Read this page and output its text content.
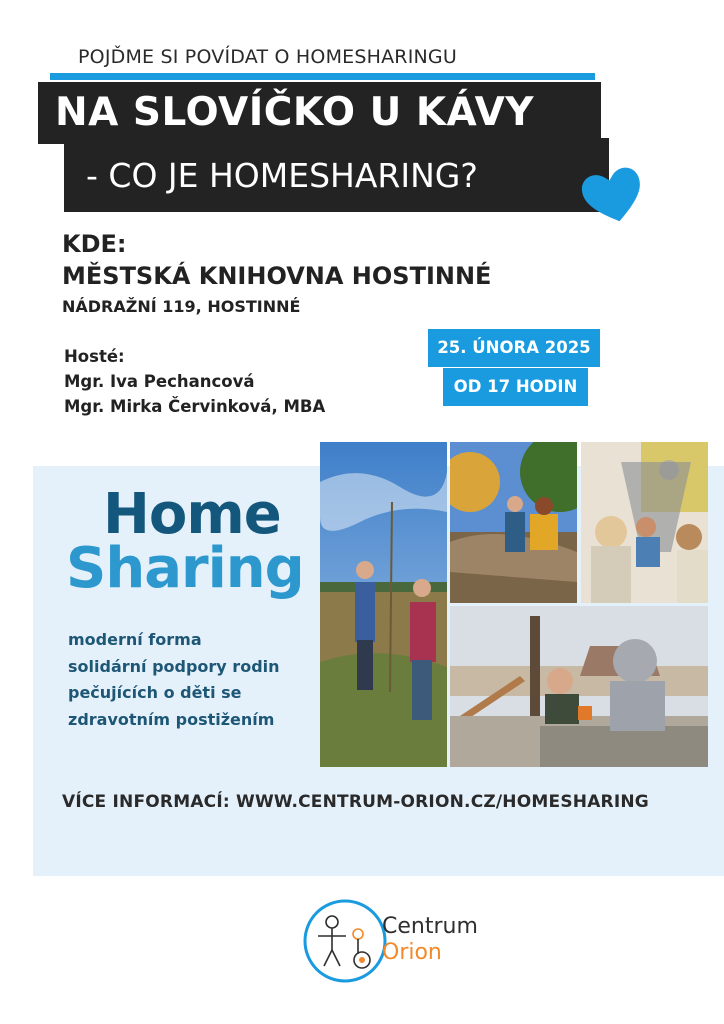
POJĎME SI POVÍDAT O HOMESHARINGU
NA SLOVÍČKO U KÁVY
- CO JE HOMESHARING?
KDE:
MĚSTSKÁ KNIHOVNA HOSTINNÉ
NÁDRAŽNÍ 119, HOSTINNÉ
Hosté:
Mgr. Iva Pechancová
Mgr. Mirka Červinková, MBA
25. ÚNORA 2025
OD 17 HODIN
Home
Sharing
moderní forma
solidární podpory rodin
pečujících o děti se
zdravotním postižením
VÍCE INFORMACÍ: WWW.CENTRUM-ORION.CZ/HOMESHARING
Centrum
Orion
